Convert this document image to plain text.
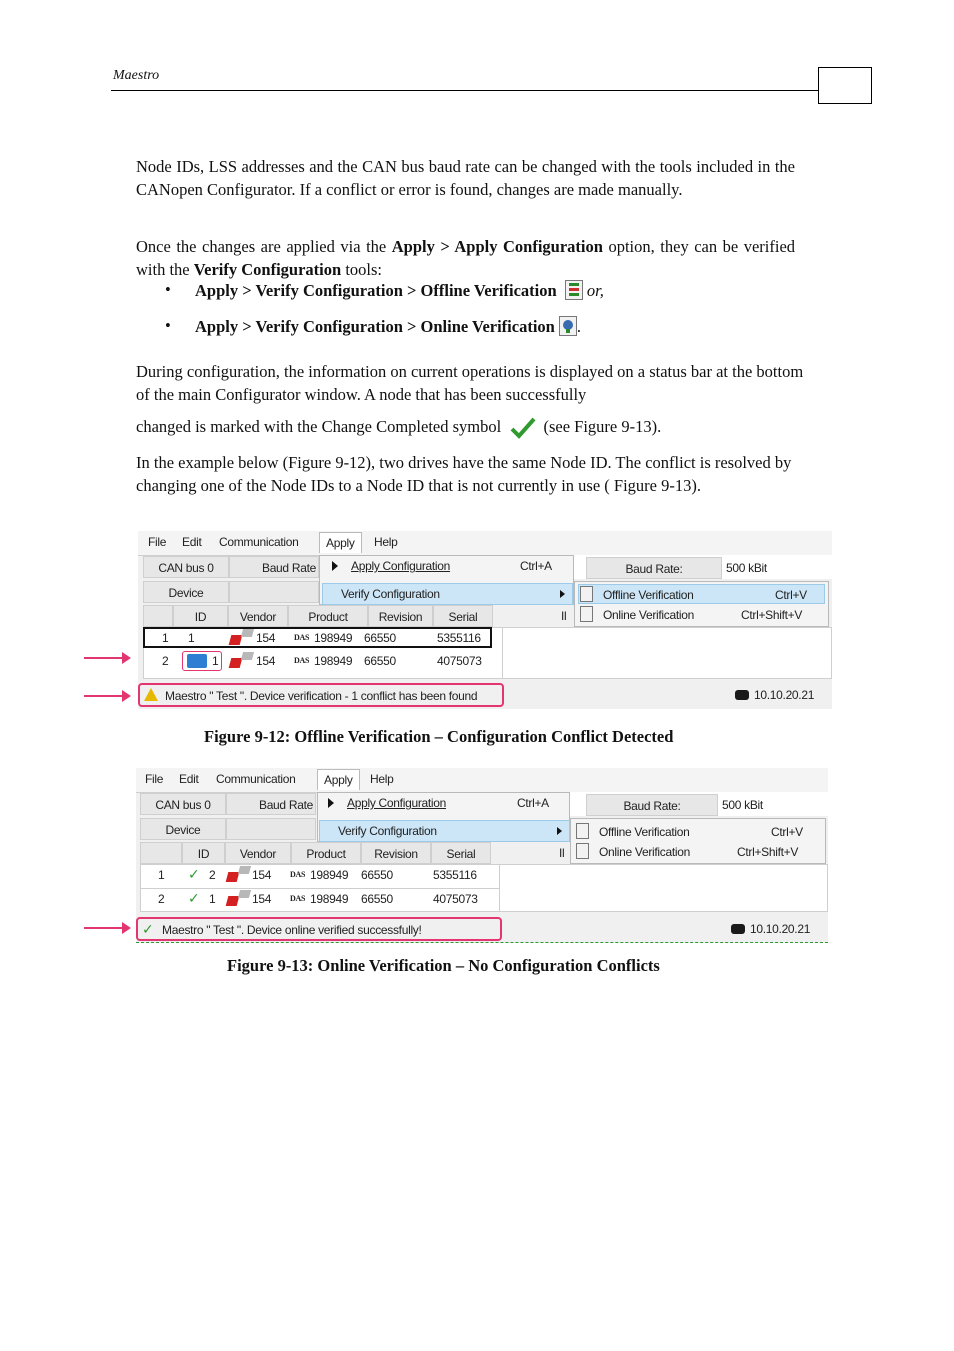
Maestro
Node IDs, LSS addresses and the CAN bus baud rate can be changed with the tools included in the CANopen Configurator. If a conflict or error is found, changes are made manually.
Once the changes are applied via the Apply > Apply Configuration option, they can be verified with the Verify Configuration tools:
• Apply > Verify Configuration > Offline Verification or,
• Apply > Verify Configuration > Online Verification .
During configuration, the information on current operations is displayed on a status bar at the bottom of the main Configurator window. A node that has been successfully
changed is marked with the Change Completed symbol	(see Figure 9-13).
In the example below (Figure 9-12), two drives have the same Node ID. The conflict is resolved by changing one of the Node IDs to a Node ID that is not currently in use ( Figure 9-13).
File Edit Communication	Apply	Help
CAN bus 0	Baud Rate
Device
ID	Vendor	Product	Revision	Serial
1 1	154 DAS 198949 66550	5355116
2	1	154 DAS 198949 66550	4075073
Apply Configuration	Ctrl+A
Verify Configuration
Baud Rate:	500 kBit
Il
Offline Verification	Ctrl+V
Online Verification	Ctrl+Shift+V
Maestro " Test ". Device verification - 1 conflict has been found	10.10.20.21
Figure 9-12: Offline Verification – Configuration Conflict Detected
File Edit Communication	Apply	Help
CAN bus 0	Baud Rate
Device
ID	Vendor	Product	Revision	Serial
1 ✓ 2	154 DAS 198949 66550	5355116
2 ✓ 1	154 DAS 198949 66550	4075073
Apply Configuration	Ctrl+A
Verify Configuration
Baud Rate:	500 kBit
Il
Offline Verification	Ctrl+V
Online Verification	Ctrl+Shift+V
✓ Maestro " Test ". Device online verified successfully!	10.10.20.21
Figure 9-13: Online Verification – No Configuration Conflicts
